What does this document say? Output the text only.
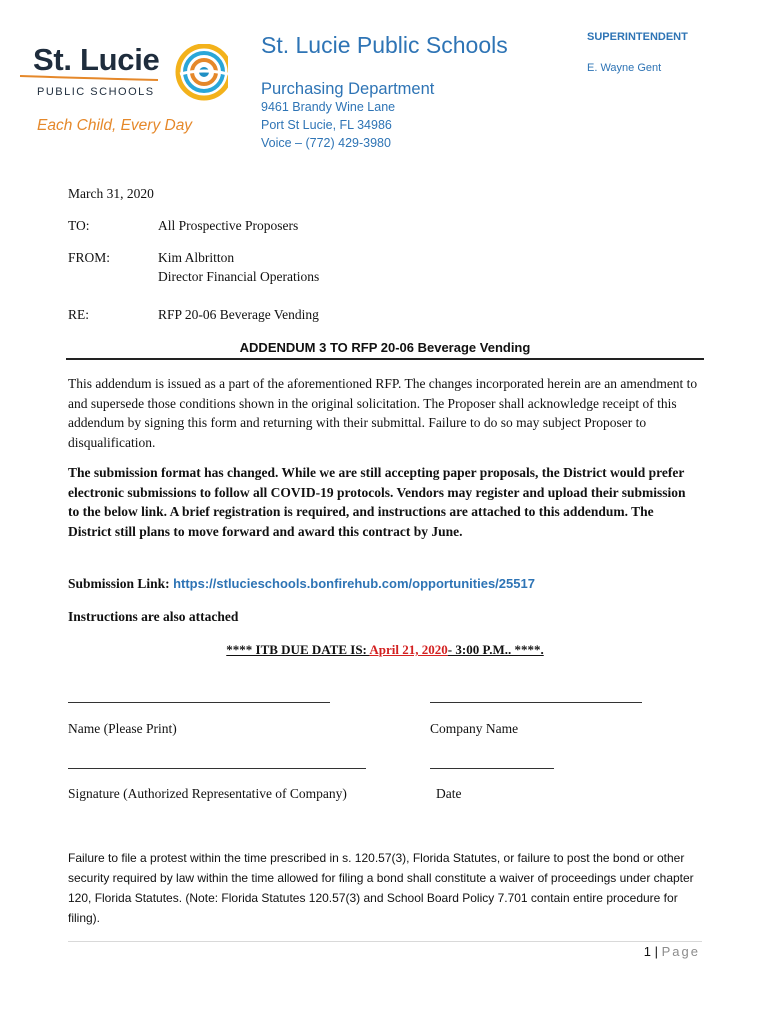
St. Lucie
PUBLIC SCHOOLS
Each Child, Every Day
St. Lucie Public Schools
Purchasing Department
9461 Brandy Wine Lane
Port St Lucie, FL 34986
Voice – (772) 429-3980
SUPERINTENDENT
E. Wayne Gent
March 31, 2020
TO:	All Prospective Proposers
FROM:	Kim Albritton
Director Financial Operations
RE:	RFP 20-06 Beverage Vending
ADDENDUM 3 TO RFP 20-06 Beverage Vending
This addendum is issued as a part of the aforementioned RFP. The changes incorporated herein are an amendment to and supersede those conditions shown in the original solicitation. The Proposer shall acknowledge receipt of this addendum by signing this form and returning with their submittal. Failure to do so may subject Proposer to disqualification.
The submission format has changed. While we are still accepting paper proposals, the District would prefer electronic submissions to follow all COVID-19 protocols. Vendors may register and upload their submission to the below link. A brief registration is required, and instructions are attached to this addendum. The District still plans to move forward and award this contract by June.
Submission Link: https://stlucieschools.bonfirehub.com/opportunities/25517
Instructions are also attached
**** ITB DUE DATE IS: April 21, 2020- 3:00 P.M.. ****.
Name (Please Print)	Company Name
Signature (Authorized Representative of Company)	Date
Failure to file a protest within the time prescribed in s. 120.57(3), Florida Statutes, or failure to post the bond or other security required by law within the time allowed for filing a bond shall constitute a waiver of proceedings under chapter 120, Florida Statutes. (Note: Florida Statutes 120.57(3) and School Board Policy 7.701 contain entire procedure for filing).
1 | Page
